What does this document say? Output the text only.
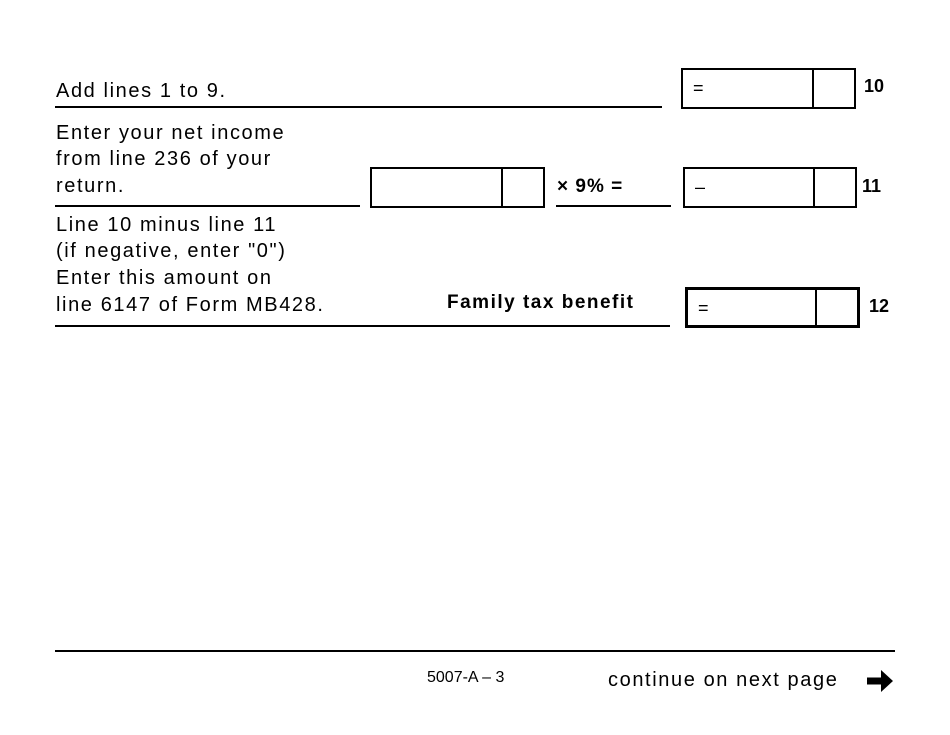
Add lines 1 to 9.	=	10
Enter your net income
from line 236 of your
return.	× 9% =	–	11
Line 10 minus line 11
(if negative, enter "0")
Enter this amount on
line 6147 of Form MB428.	Family tax benefit	=	12
5007-A – 3	continue on next page
